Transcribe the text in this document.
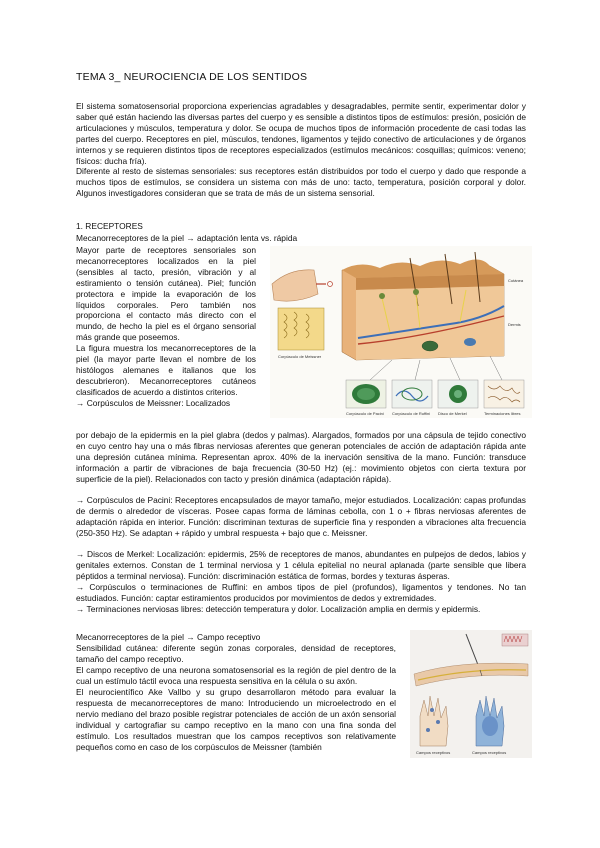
TEMA 3_ NEUROCIENCIA DE LOS SENTIDOS

El sistema somatosensorial proporciona experiencias agradables y desagradables, permite sentir, experimentar dolor y saber qué están haciendo las diversas partes del cuerpo y es sensible a distintos tipos de estímulos: presión, posición de articulaciones y músculos, temperatura y dolor. Se ocupa de muchos tipos de información procedente de casi todas las partes del cuerpo. Receptores en piel, músculos, tendones, ligamentos y tejido conectivo de articulaciones y de órganos internos y se requieren distintos tipos de receptores especializados (estímulos mecánicos: cosquillas; químicos: veneno; físicos: ducha fría).

Diferente al resto de sistemas sensoriales: sus receptores están distribuidos por todo el cuerpo y dado que responde a muchos tipos de estímulos, se considera un sistema con más de uno: tacto, temperatura, posición corporal y dolor. Algunos investigadores consideran que se trata de más de un sistema sensorial.

1. RECEPTORES

Mecanorreceptores de la piel → adaptación lenta vs. rápida

Mayor parte de receptores sensoriales son mecanorreceptores localizados en la piel (sensibles al tacto, presión, vibración y al estiramiento o tensión cutánea). Piel; función protectora e impide la evaporación de los líquidos corporales. Pero también nos proporciona el contacto más directo con el mundo, de hecho la piel es el órgano sensorial más grande que poseemos.
La figura muestra los mecanorreceptores de la piel (la mayor parte llevan el nombre de los histólogos alemanes e italianos que los descubrieron). Mecanorreceptores cutáneos clasificados de acuerdo a distintos criterios.
→ Corpúsculos de Meissner: Localizados

Corpúsculo de Meissner
Cutánea
Dermis
Corpúsculo de Pacini Corpúsculo de Ruffini Disco de Merkel	Terminaciones libres

por debajo de la epidermis en la piel glabra (dedos y palmas). Alargados, formados por una cápsula de tejido conectivo en cuyo centro hay una o más fibras nerviosas aferentes que generan potenciales de acción de adaptación rápida ante una depresión cutánea mínima. Representan aprox. 40% de la inervación sensitiva de la mano. Función: transduce información a partir de vibraciones de baja frecuencia (30-50 Hz) (ej.: movimiento objetos con cierta textura por superficie de la piel). Relacionados con tacto y presión dinámica (adaptación rápida).

→ Corpúsculos de Pacini: Receptores encapsulados de mayor tamaño, mejor estudiados. Localización: capas profundas de dermis o alrededor de vísceras. Posee capas forma de láminas cebolla, con 1 o + fibras nerviosas aferentes de adaptación rápida en interior. Función: discriminan texturas de superficie fina y responden a vibraciones alta frecuencia (250-350 Hz). Se adaptan + rápido y umbral respuesta + bajo que c. Meissner.

→ Discos de Merkel: Localización: epidermis, 25% de receptores de manos, abundantes en pulpejos de dedos, labios y genitales externos. Constan de 1 terminal nerviosa y 1 célula epitelial no neural aplanada (parte sensible que libera péptidos a terminal nerviosa). Función: discriminación estática de formas, bordes y texturas ásperas.

→ Corpúsculos o terminaciones de Ruffini: en ambos tipos de piel (profundos), ligamentos y tendones. No tan estudiados. Función: captar estiramientos producidos por movimientos de dedos y extremidades.

→ Terminaciones nerviosas libres: detección temperatura y dolor. Localización amplia en dermis y epidermis.

Mecanorreceptores de la piel → Campo receptivo

Sensibilidad cutánea: diferente según zonas corporales, densidad de receptores, tamaño del campo receptivo.

El campo receptivo de una neurona somatosensorial es la región de piel dentro de la cual un estímulo táctil evoca una respuesta sensitiva en la célula o su axón.

El neurocientífico Ake Vallbo y su grupo desarrollaron método para evaluar la respuesta de mecanorreceptores de mano: Introduciendo un microelectrodo en el nervio mediano del brazo posible registrar potenciales de acción de un axón sensorial individual y cartografiar su campo receptivo en la mano con una fina sonda del estímulo. Los resultados muestran que los campos receptivos son relativamente pequeños como en caso de los corpúsculos de Meissner (también

Campos receptivos	Campos receptivos
